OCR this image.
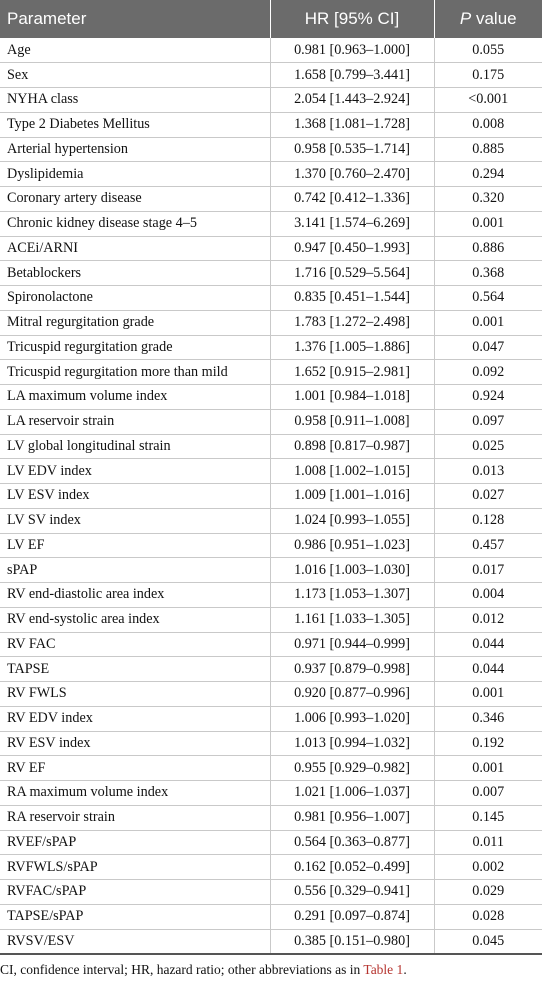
Parameter	HR [95% CI]	P value
Age	0.981 [0.963–1.000]	0.055
Sex	1.658 [0.799–3.441]	0.175
NYHA class	2.054 [1.443–2.924]	<0.001
Type 2 Diabetes Mellitus	1.368 [1.081–1.728]	0.008
Arterial hypertension	0.958 [0.535–1.714]	0.885
Dyslipidemia	1.370 [0.760–2.470]	0.294
Coronary artery disease	0.742 [0.412–1.336]	0.320
Chronic kidney disease stage 4–5	3.141 [1.574–6.269]	0.001
ACEi/ARNI	0.947 [0.450–1.993]	0.886
Betablockers	1.716 [0.529–5.564]	0.368
Spironolactone	0.835 [0.451–1.544]	0.564
Mitral regurgitation grade	1.783 [1.272–2.498]	0.001
Tricuspid regurgitation grade	1.376 [1.005–1.886]	0.047
Tricuspid regurgitation more than mild	1.652 [0.915–2.981]	0.092
LA maximum volume index	1.001 [0.984–1.018]	0.924
LA reservoir strain	0.958 [0.911–1.008]	0.097
LV global longitudinal strain	0.898 [0.817–0.987]	0.025
LV EDV index	1.008 [1.002–1.015]	0.013
LV ESV index	1.009 [1.001–1.016]	0.027
LV SV index	1.024 [0.993–1.055]	0.128
LV EF	0.986 [0.951–1.023]	0.457
sPAP	1.016 [1.003–1.030]	0.017
RV end-diastolic area index	1.173 [1.053–1.307]	0.004
RV end-systolic area index	1.161 [1.033–1.305]	0.012
RV FAC	0.971 [0.944–0.999]	0.044
TAPSE	0.937 [0.879–0.998]	0.044
RV FWLS	0.920 [0.877–0.996]	0.001
RV EDV index	1.006 [0.993–1.020]	0.346
RV ESV index	1.013 [0.994–1.032]	0.192
RV EF	0.955 [0.929–0.982]	0.001
RA maximum volume index	1.021 [1.006–1.037]	0.007
RA reservoir strain	0.981 [0.956–1.007]	0.145
RVEF/sPAP	0.564 [0.363–0.877]	0.011
RVFWLS/sPAP	0.162 [0.052–0.499]	0.002
RVFAC/sPAP	0.556 [0.329–0.941]	0.029
TAPSE/sPAP	0.291 [0.097–0.874]	0.028
RVSV/ESV	0.385 [0.151–0.980]	0.045
CI, confidence interval; HR, hazard ratio; other abbreviations as in Table 1.
